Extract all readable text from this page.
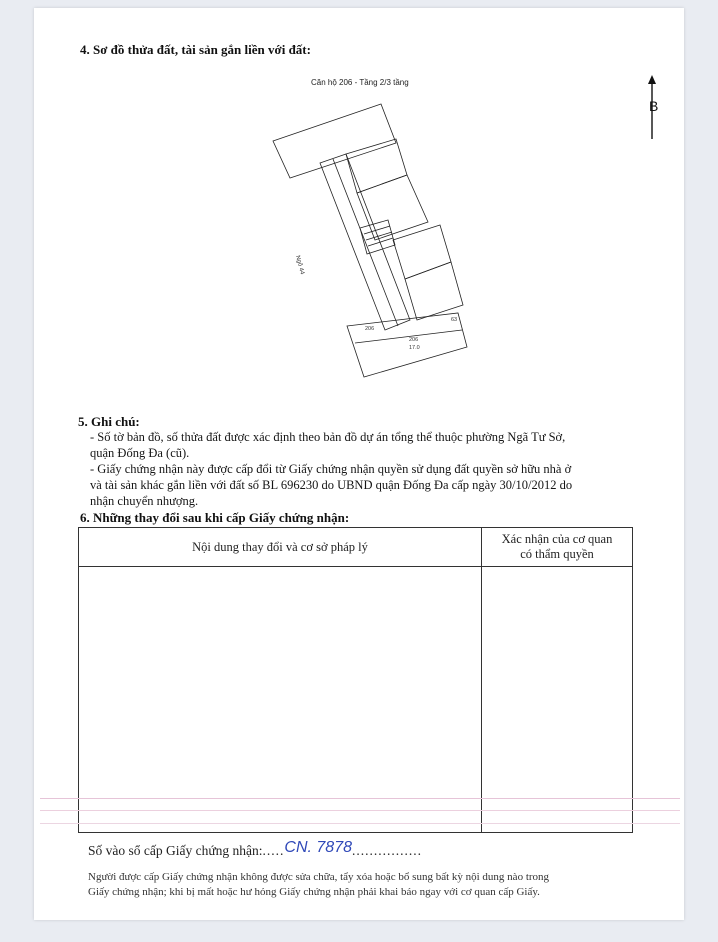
4. Sơ đồ thửa đất, tài sản gắn liền với đất:
Căn hộ 206 - Tầng 2/3 tầng
Ngõ 44
206
63
206
17.0
B
5. Ghi chú:
- Số tờ bản đồ, số thửa đất được xác định theo bản đồ dự án tổng thể thuộc phường Ngã Tư Sở,
quận Đống Đa (cũ).
- Giấy chứng nhận này được cấp đổi từ Giấy chứng nhận quyền sử dụng đất quyền sở hữu nhà ở
và tài sản khác gắn liền với đất số BL 696230 do UBND quận Đống Đa cấp ngày 30/10/2012 do
nhận chuyển nhượng.
6. Những thay đổi sau khi cấp Giấy chứng nhận:
Nội dung thay đổi và cơ sở pháp lý
Xác nhận của cơ quan
có thẩm quyền
Số vào sổ cấp Giấy chứng nhận:.....CN. 7878................
Người được cấp Giấy chứng nhận không được sửa chữa, tẩy xóa hoặc bổ sung bất kỳ nội dung nào trong
Giấy chứng nhận; khi bị mất hoặc hư hỏng Giấy chứng nhận phải khai báo ngay với cơ quan cấp Giấy.
